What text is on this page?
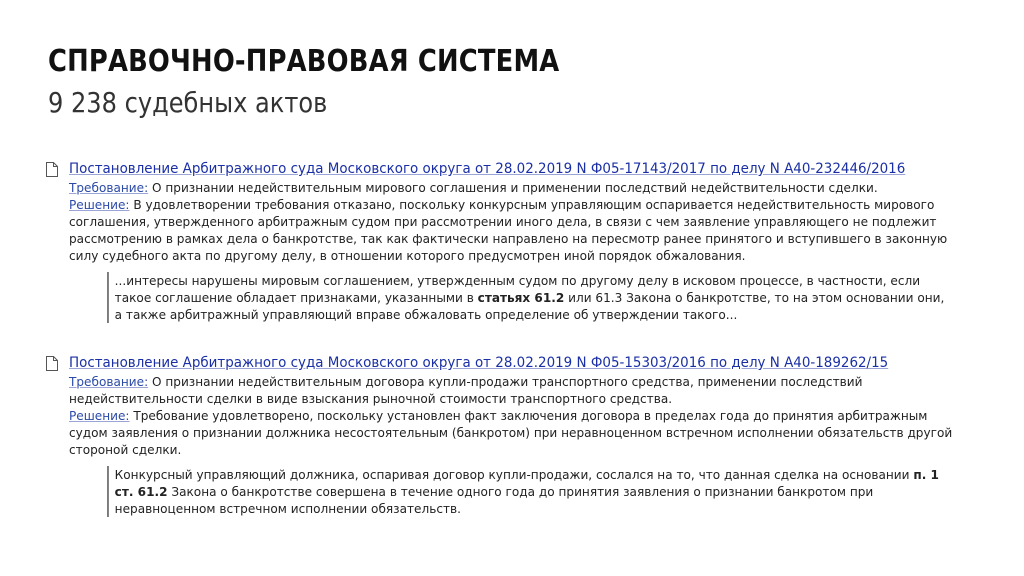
СПРАВОЧНО-ПРАВОВАЯ СИСТЕМА
9 238 судебных актов
Постановление Арбитражного суда Московского округа от 28.02.2019 N Ф05-17143/2017 по делу N А40-232446/2016
Требование: О признании недействительным мирового соглашения и применении последствий недействительности сделки.
Решение: В удовлетворении требования отказано, поскольку конкурсным управляющим оспаривается недействительность мирового соглашения, утвержденного арбитражным судом при рассмотрении иного дела, в связи с чем заявление управляющего не подлежит рассмотрению в рамках дела о банкротстве, так как фактически направлено на пересмотр ранее принятого и вступившего в законную силу судебного акта по другому делу, в отношении которого предусмотрен иной порядок обжалования.
...интересы нарушены мировым соглашением, утвержденным судом по другому делу в исковом процессе, в частности, если такое соглашение обладает признаками, указанными в статьях 61.2 или 61.3 Закона о банкротстве, то на этом основании они, а также арбитражный управляющий вправе обжаловать определение об утверждении такого...
Постановление Арбитражного суда Московского округа от 28.02.2019 N Ф05-15303/2016 по делу N А40-189262/15
Требование: О признании недействительным договора купли-продажи транспортного средства, применении последствий недействительности сделки в виде взыскания рыночной стоимости транспортного средства.
Решение: Требование удовлетворено, поскольку установлен факт заключения договора в пределах года до принятия арбитражным судом заявления о признании должника несостоятельным (банкротом) при неравноценном встречном исполнении обязательств другой стороной сделки.
Конкурсный управляющий должника, оспаривая договор купли-продажи, сослался на то, что данная сделка на основании п. 1 ст. 61.2 Закона о банкротстве совершена в течение одного года до принятия заявления о признании банкротом при неравноценном встречном исполнении обязательств.
